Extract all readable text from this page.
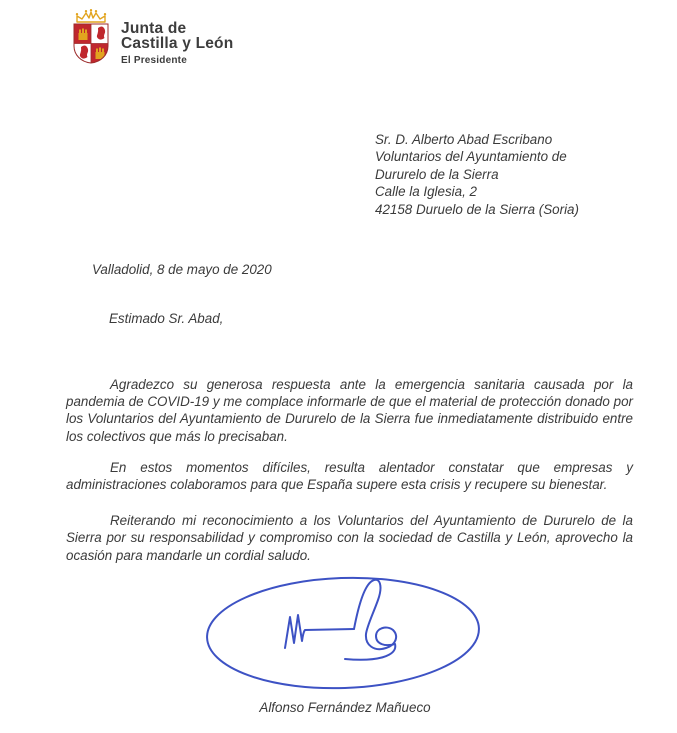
Junta de
Castilla y León
El Presidente
Sr. D. Alberto Abad Escribano
Voluntarios del Ayuntamiento de
Dururelo de la Sierra
Calle la Iglesia, 2
42158 Duruelo de la Sierra (Soria)
Valladolid, 8 de mayo de 2020
Estimado Sr. Abad,

Agradezco su generosa respuesta ante la emergencia sanitaria causada por la pandemia de COVID-19 y me complace informarle de que el material de protección donado por los Voluntarios del Ayuntamiento de Dururelo de la Sierra fue inmediatamente distribuido entre los colectivos que más lo precisaban.

En estos momentos difíciles, resulta alentador constatar que empresas y administraciones colaboramos para que España supere esta crisis y recupere su bienestar.

Reiterando mi reconocimiento a los Voluntarios del Ayuntamiento de Dururelo de la Sierra por su responsabilidad y compromiso con la sociedad de Castilla y León, aprovecho la ocasión para mandarle un cordial saludo.

Alfonso Fernández Mañueco
